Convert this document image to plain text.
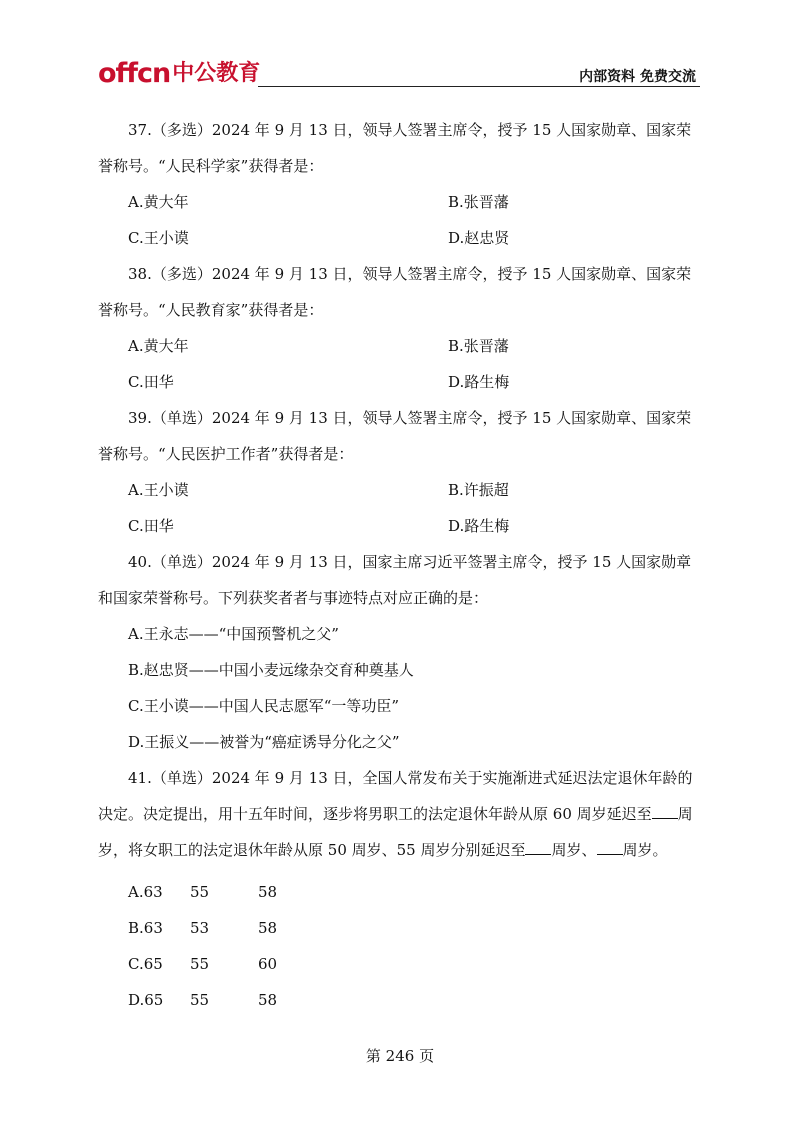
offcn 中公教育	内部资料 免费交流

37.（多选）2024 年 9 月 13 日，领导人签署主席令，授予 15 人国家勋章、国家荣誉称号。“人民科学家”获得者是：

A.黄大年	B.张晋藩
C.王小谟	D.赵忠贤

38.（多选）2024 年 9 月 13 日，领导人签署主席令，授予 15 人国家勋章、国家荣誉称号。“人民教育家”获得者是：

A.黄大年	B.张晋藩
C.田华	D.路生梅

39.（单选）2024 年 9 月 13 日，领导人签署主席令，授予 15 人国家勋章、国家荣誉称号。“人民医护工作者”获得者是：

A.王小谟	B.许振超
C.田华	D.路生梅

40.（单选）2024 年 9 月 13 日，国家主席习近平签署主席令，授予 15 人国家勋章和国家荣誉称号。下列获奖者者与事迹特点对应正确的是：

A.王永志——“中国预警机之父”
B.赵忠贤——中国小麦远缘杂交育种奠基人
C.王小谟——中国人民志愿军“一等功臣”
D.王振义——被誉为“癌症诱导分化之父”

41.（单选）2024 年 9 月 13 日，全国人常发布关于实施渐进式延迟法定退休年龄的决定。决定提出，用十五年时间，逐步将男职工的法定退休年龄从原 60 周岁延迟至 周岁，将女职工的法定退休年龄从原 50 周岁、55 周岁分别延迟至 周岁、 周岁。

A.63	55	58
B.63	53	58
C.65	55	60
D.65	55	58
第 246 页
